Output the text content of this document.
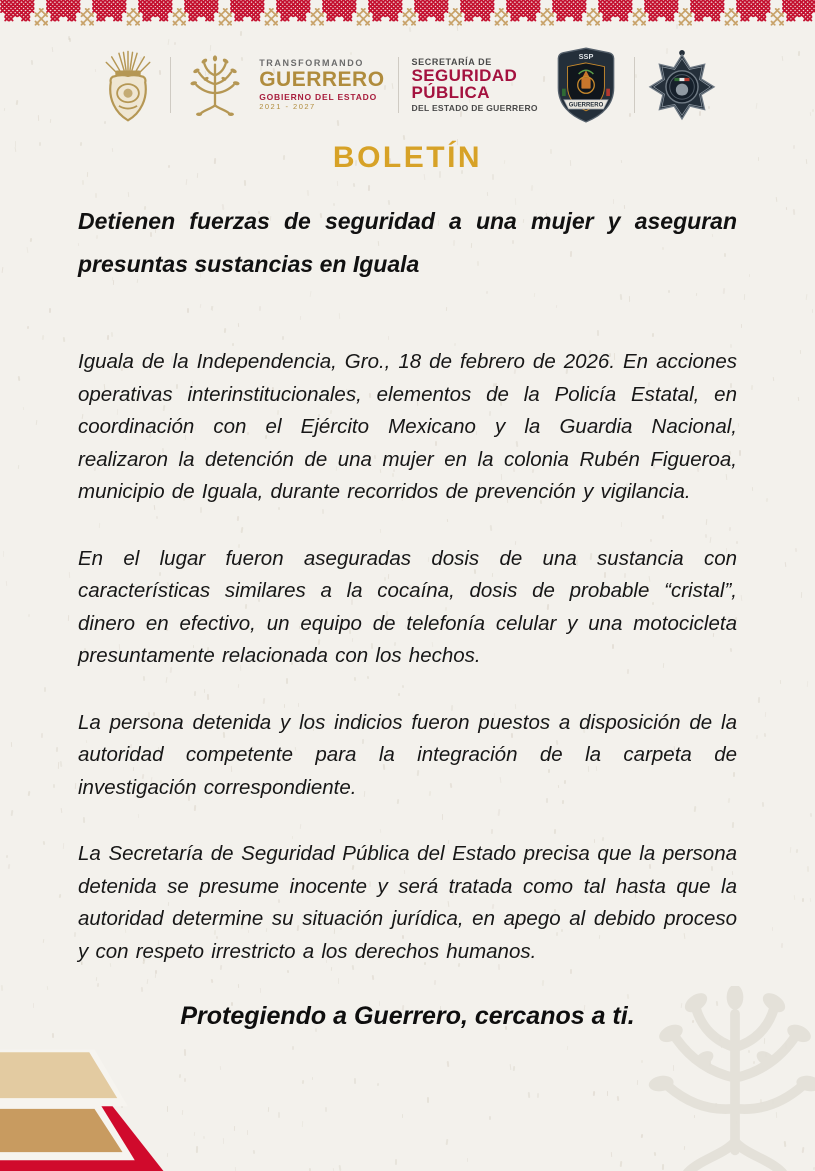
TRANSFORMANDO
GUERRERO
GOBIERNO DEL ESTADO
2021 - 2027
SECRETARÍA DE
SEGURIDAD
PÚBLICA
DEL ESTADO DE GUERRERO
SSP
GUERRERO
BOLETÍN
Detienen fuerzas de seguridad a una mujer y aseguran presuntas sustancias en Iguala

Iguala de la Independencia, Gro., 18 de febrero de 2026. En acciones operativas interinstitucionales, elementos de la Policía Estatal, en coordinación con el Ejército Mexicano y la Guardia Nacional, realizaron la detención de una mujer en la colonia Rubén Figueroa, municipio de Iguala, durante recorridos de prevención y vigilancia.

En el lugar fueron aseguradas dosis de una sustancia con características similares a la cocaína, dosis de probable “cristal”, dinero en efectivo, un equipo de telefonía celular y una motocicleta presuntamente relacionada con los hechos.

La persona detenida y los indicios fueron puestos a disposición de la autoridad competente para la integración de la carpeta de investigación correspondiente.

La Secretaría de Seguridad Pública del Estado precisa que la persona detenida se presume inocente y será tratada como tal hasta que la autoridad determine su situación jurídica, en apego al debido proceso y con respeto irrestricto a los derechos humanos.

Protegiendo a Guerrero, cercanos a ti.
